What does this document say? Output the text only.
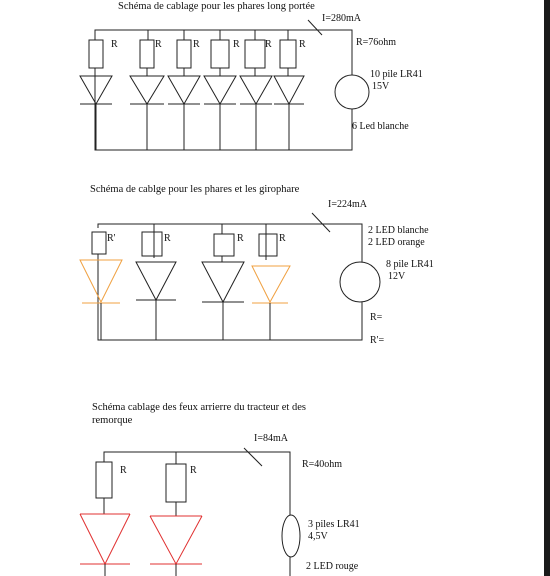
Schéma de cablage pour les phares long portée
I=280mA
R=76ohm
10 pile LR41
15V
6 Led blanche
R	R	R	R	R	R
Schéma de cablge pour les phares et les girophare
I=224mA
2 LED blanche
2 LED orange
8 pile LR41
12V
R=
R'=
R'	R	R	R
Schéma cablage des feux arrierre du tracteur et des
remorque
I=84mA
R=40ohm
3 piles LR41
4,5V
2 LED rouge
R	R
